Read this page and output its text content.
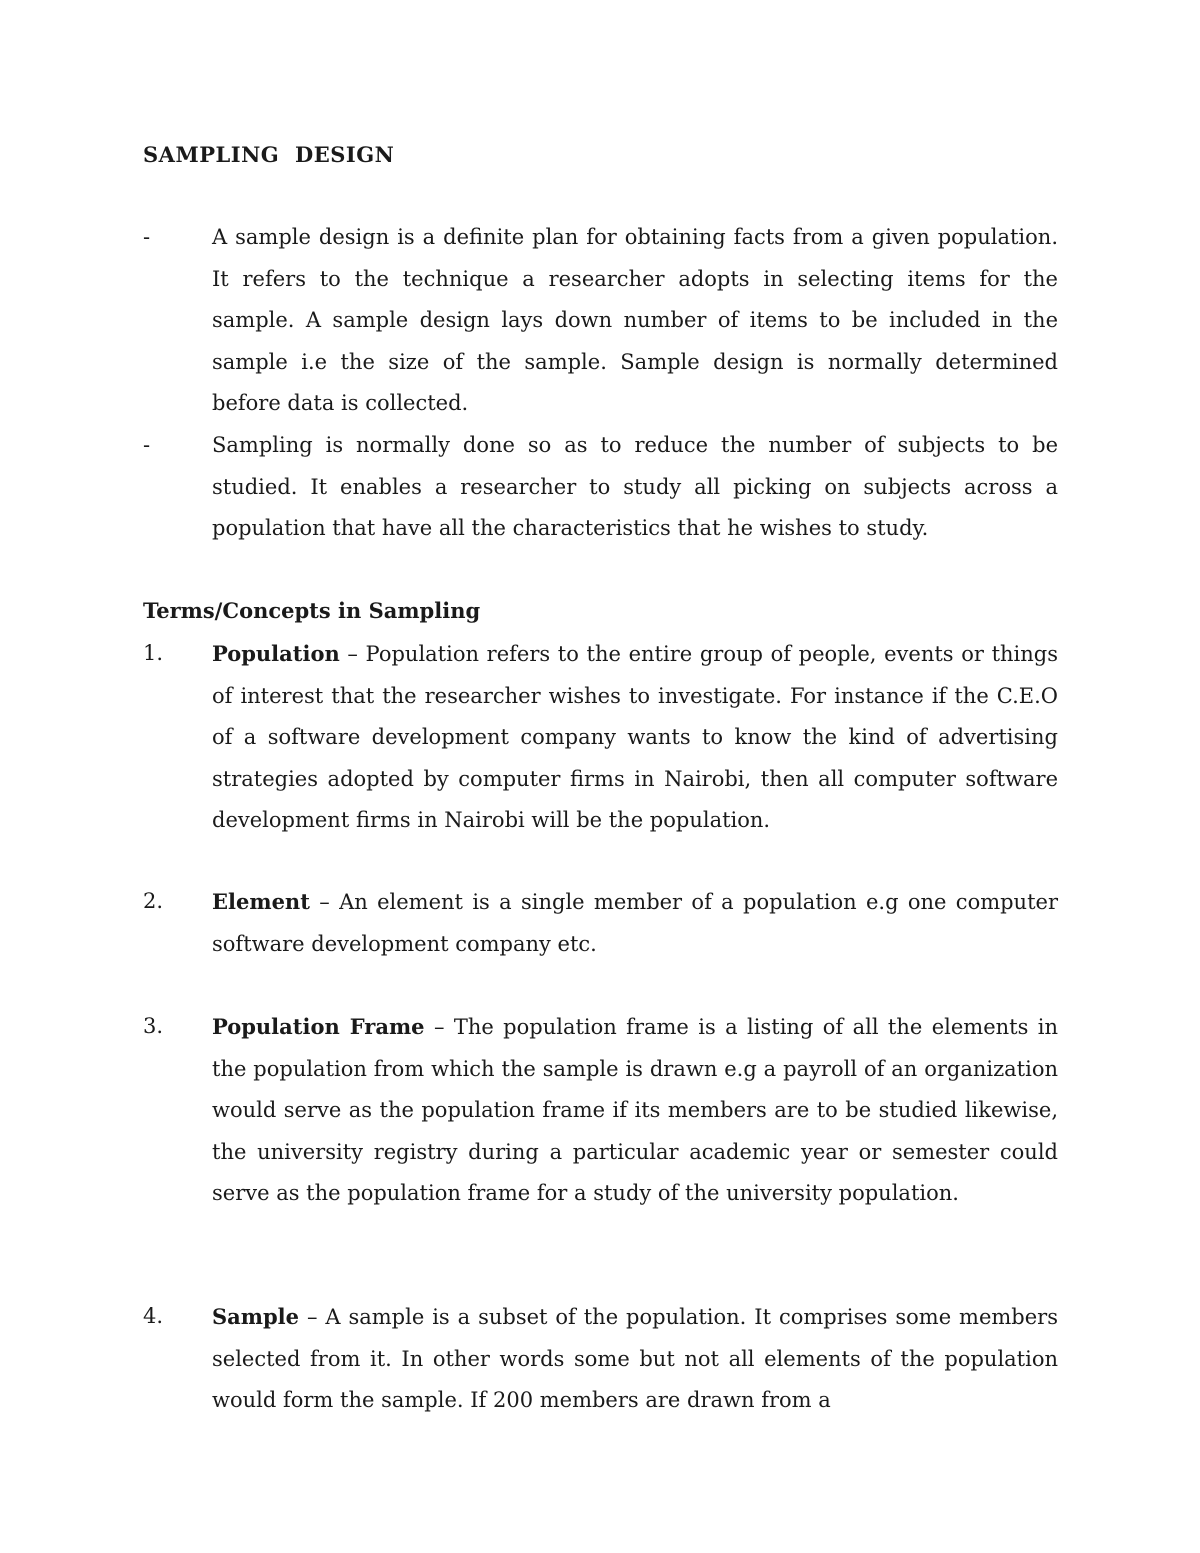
SAMPLING DESIGN
-	A sample design is a definite plan for obtaining facts from a given population. It refers to the technique a researcher adopts in selecting items for the sample. A sample design lays down number of items to be included in the sample i.e the size of the sample. Sample design is normally determined before data is collected.
-	Sampling is normally done so as to reduce the number of subjects to be studied. It enables a researcher to study all picking on subjects across a population that have all the characteristics that he wishes to study.
Terms/Concepts in Sampling
1. Population – Population refers to the entire group of people, events or things of interest that the researcher wishes to investigate. For instance if the C.E.O of a software development company wants to know the kind of advertising strategies adopted by computer firms in Nairobi, then all computer software development firms in Nairobi will be the population.
2. Element – An element is a single member of a population e.g one computer software development company etc.
3. Population Frame – The population frame is a listing of all the elements in the population from which the sample is drawn e.g a payroll of an organization would serve as the population frame if its members are to be studied likewise, the university registry during a particular academic year or semester could serve as the population frame for a study of the university population.
4. Sample – A sample is a subset of the population. It comprises some members selected from it. In other words some but not all elements of the population would form the sample. If 200 members are drawn from a
